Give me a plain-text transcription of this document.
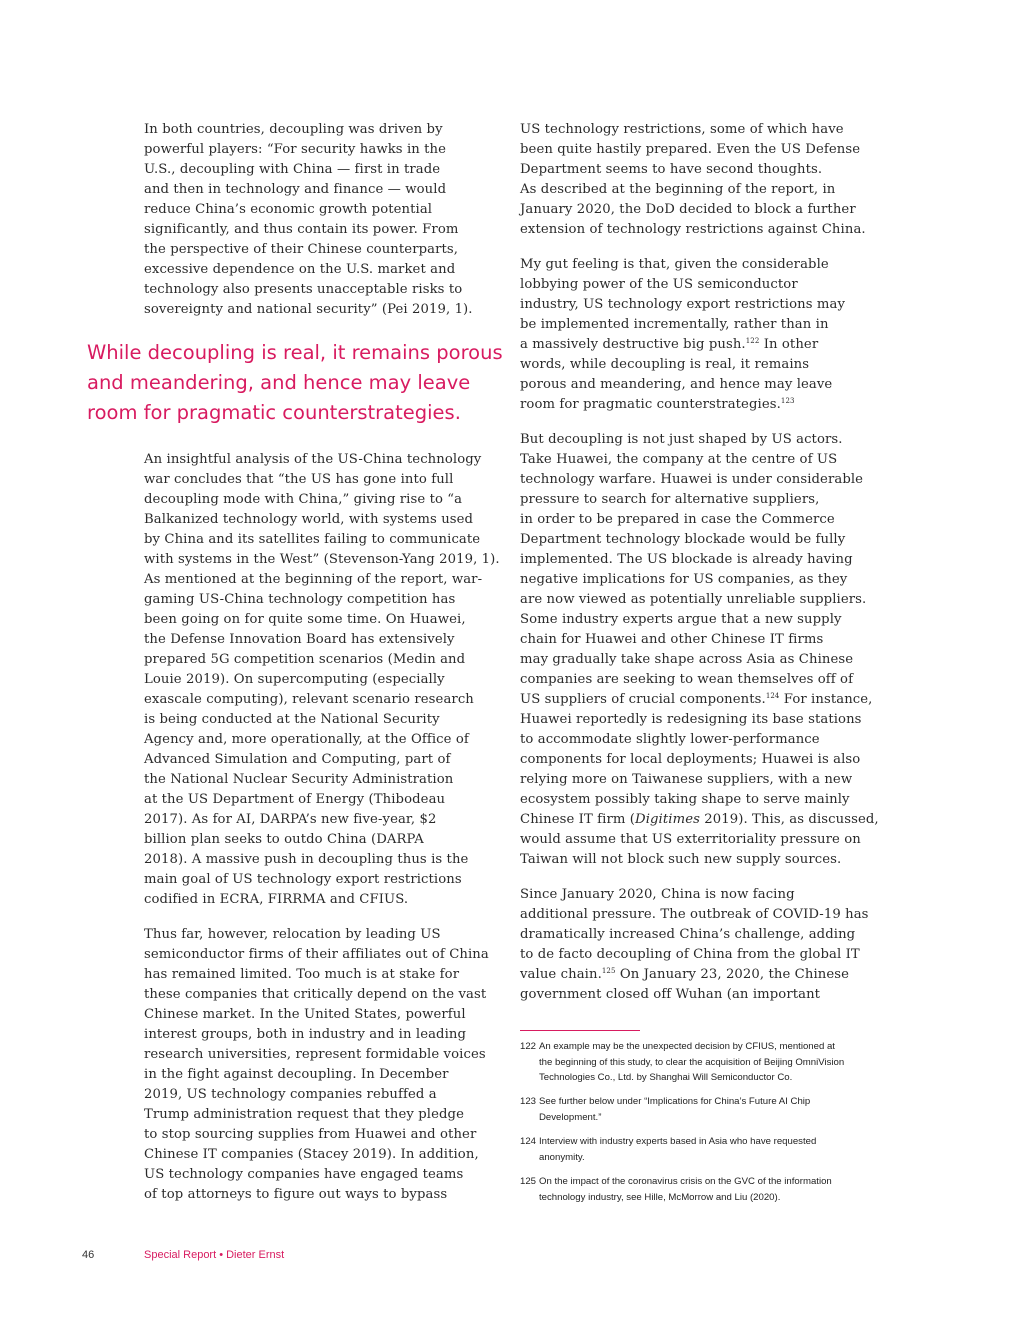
In both countries, decoupling was driven by
powerful players: “For security hawks in the
U.S., decoupling with China — first in trade
and then in technology and finance — would
reduce China’s economic growth potential
significantly, and thus contain its power. From
the perspective of their Chinese counterparts,
excessive dependence on the U.S. market and
technology also presents unacceptable risks to
sovereignty and national security” (Pei 2019, 1).
While decoupling is real, it remains porous
and meandering, and hence may leave
room for pragmatic counterstrategies.
An insightful analysis of the US-China technology
war concludes that “the US has gone into full
decoupling mode with China,” giving rise to “a
Balkanized technology world, with systems used
by China and its satellites failing to communicate
with systems in the West” (Stevenson-Yang 2019, 1).
As mentioned at the beginning of the report, war-
gaming US-China technology competition has
been going on for quite some time. On Huawei,
the Defense Innovation Board has extensively
prepared 5G competition scenarios (Medin and
Louie 2019). On supercomputing (especially
exascale computing), relevant scenario research
is being conducted at the National Security
Agency and, more operationally, at the Office of
Advanced Simulation and Computing, part of
the National Nuclear Security Administration
at the US Department of Energy (Thibodeau
2017). As for AI, DARPA’s new five-year, $2
billion plan seeks to outdo China (DARPA
2018). A massive push in decoupling thus is the
main goal of US technology export restrictions
codified in ECRA, FIRRMA and CFIUS.
Thus far, however, relocation by leading US
semiconductor firms of their affiliates out of China
has remained limited. Too much is at stake for
these companies that critically depend on the vast
Chinese market. In the United States, powerful
interest groups, both in industry and in leading
research universities, represent formidable voices
in the fight against decoupling. In December
2019, US technology companies rebuffed a
Trump administration request that they pledge
to stop sourcing supplies from Huawei and other
Chinese IT companies (Stacey 2019). In addition,
US technology companies have engaged teams
of top attorneys to figure out ways to bypass
US technology restrictions, some of which have
been quite hastily prepared. Even the US Defense
Department seems to have second thoughts.
As described at the beginning of the report, in
January 2020, the DoD decided to block a further
extension of technology restrictions against China.
My gut feeling is that, given the considerable
lobbying power of the US semiconductor
industry, US technology export restrictions may
be implemented incrementally, rather than in
a massively destructive big push.$^{122}$ In other
words, while decoupling is real, it remains
porous and meandering, and hence may leave
room for pragmatic counterstrategies.$^{123}$
But decoupling is not just shaped by US actors.
Take Huawei, the company at the centre of US
technology warfare. Huawei is under considerable
pressure to search for alternative suppliers,
in order to be prepared in case the Commerce
Department technology blockade would be fully
implemented. The US blockade is already having
negative implications for US companies, as they
are now viewed as potentially unreliable suppliers.
Some industry experts argue that a new supply
chain for Huawei and other Chinese IT firms
may gradually take shape across Asia as Chinese
companies are seeking to wean themselves off of
US suppliers of crucial components.$^{124}$ For instance,
Huawei reportedly is redesigning its base stations
to accommodate slightly lower-performance
components for local deployments; Huawei is also
relying more on Taiwanese suppliers, with a new
ecosystem possibly taking shape to serve mainly
Chinese IT firm (Digitimes 2019). This, as discussed,
would assume that US exterritoriality pressure on
Taiwan will not block such new supply sources.
Since January 2020, China is now facing
additional pressure. The outbreak of COVID-19 has
dramatically increased China’s challenge, adding
to de facto decoupling of China from the global IT
value chain.$^{125}$ On January 23, 2020, the Chinese
government closed off Wuhan (an important
122 An example may be the unexpected decision by CFIUS, mentioned at
the beginning of this study, to clear the acquisition of Beijing OmniVision
Technologies Co., Ltd. by Shanghai Will Semiconductor Co.
123 See further below under “Implications for China’s Future AI Chip
Development.”
124 Interview with industry experts based in Asia who have requested
anonymity.
125 On the impact of the coronavirus crisis on the GVC of the information
technology industry, see Hille, McMorrow and Liu (2020).
46	Special Report • Dieter Ernst
